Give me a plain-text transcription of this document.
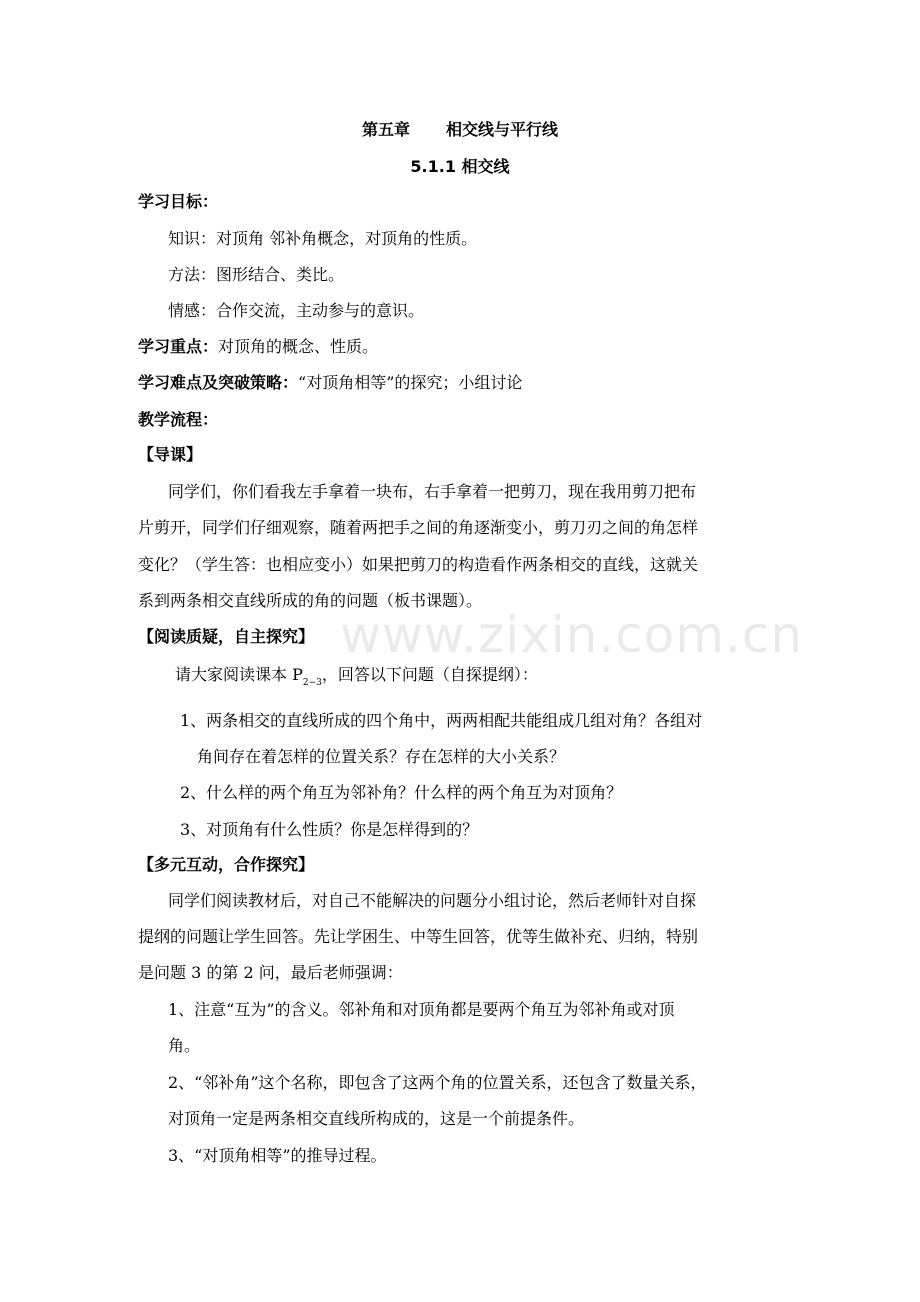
第五章 相交线与平行线
5.1.1 相交线
学习目标：
知识：对顶角 邻补角概念，对顶角的性质。
方法：图形结合、类比。
情感：合作交流，主动参与的意识。
学习重点：对顶角的概念、性质。
学习难点及突破策略：“对顶角相等”的探究；小组讨论
教学流程：
【导课】
同学们，你们看我左手拿着一块布，右手拿着一把剪刀，现在我用剪刀把布
片剪开，同学们仔细观察，随着两把手之间的角逐渐变小，剪刀刃之间的角怎样
变化？（学生答：也相应变小）如果把剪刀的构造看作两条相交的直线，这就关
系到两条相交直线所成的角的问题（板书课题）。
【阅读质疑，自主探究】
请大家阅读课本 $P_{2-3}$，回答以下问题（自探提纲）：
1、两条相交的直线所成的四个角中，两两相配共能组成几组对角？各组对
角间存在着怎样的位置关系？存在怎样的大小关系？
2、什么样的两个角互为邻补角？什么样的两个角互为对顶角？
3、对顶角有什么性质？你是怎样得到的？
【多元互动，合作探究】
同学们阅读教材后，对自己不能解决的问题分小组讨论，然后老师针对自探
提纲的问题让学生回答。先让学困生、中等生回答，优等生做补充、归纳，特别
是问题 3 的第 2 问，最后老师强调：
1、注意“互为”的含义。邻补角和对顶角都是要两个角互为邻补角或对顶
角。
2、“邻补角”这个名称，即包含了这两个角的位置关系，还包含了数量关系，
对顶角一定是两条相交直线所构成的，这是一个前提条件。
3、“对顶角相等”的推导过程。
www.zixin.com.cn
